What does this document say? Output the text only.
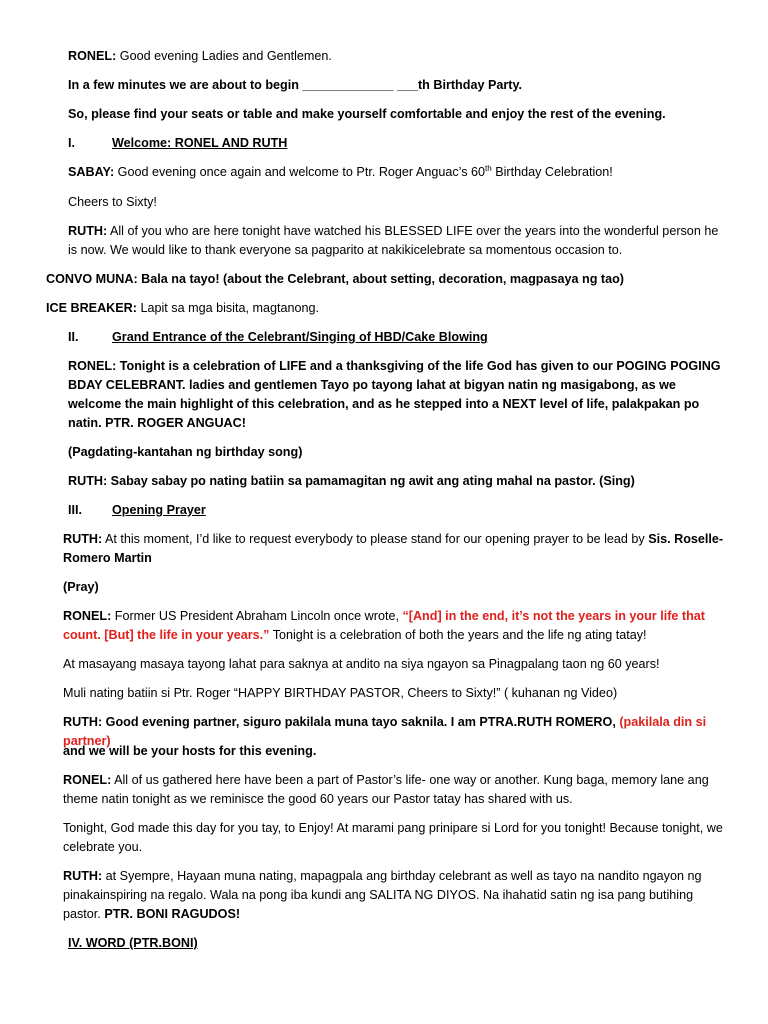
RONEL: Good evening Ladies and Gentlemen.

In a few minutes we are about to begin _____________ ___th Birthday Party.

So, please find your seats or table and make yourself comfortable and enjoy the rest of the evening.

I.	Welcome: RONEL AND RUTH

SABAY: Good evening once again and welcome to Ptr. Roger Anguac’s 60th Birthday Celebration!

Cheers to Sixty!

RUTH: All of you who are here tonight have watched his BLESSED LIFE over the years into the wonderful person he is now. We would like to thank everyone sa pagparito at nakikicelebrate sa momentous occasion to.

CONVO MUNA: Bala na tayo! (about the Celebrant, about setting, decoration, magpasaya ng tao)

ICE BREAKER: Lapit sa mga bisita, magtanong.

II.	Grand Entrance of the Celebrant/Singing of HBD/Cake Blowing

RONEL: Tonight is a celebration of LIFE and a thanksgiving of the life God has given to our POGING POGING BDAY CELEBRANT. ladies and gentlemen Tayo po tayong lahat at bigyan natin ng masigabong, as we welcome the main highlight of this celebration, and as he stepped into a NEXT level of life, palakpakan po natin. PTR. ROGER ANGUAC!

(Pagdating-kantahan ng birthday song)

RUTH: Sabay sabay po nating batiin sa pamamagitan ng awit ang ating mahal na pastor. (Sing)

III. Opening Prayer

RUTH: At this moment, I’d like to request everybody to please stand for our opening prayer to be lead by Sis. Roselle-Romero Martin

(Pray)

RONEL: Former US President Abraham Lincoln once wrote, “[And] in the end, it’s not the years in your life that count. [But] the life in your years.” Tonight is a celebration of both the years and the life ng ating tatay!

At masayang masaya tayong lahat para saknya at andito na siya ngayon sa Pinagpalang taon ng 60 years!

Muli nating batiin si Ptr. Roger “HAPPY BIRTHDAY PASTOR, Cheers to Sixty!” ( kuhanan ng Video)

RUTH: Good evening partner, siguro pakilala muna tayo saknila. I am PTRA.RUTH ROMERO, (pakilala din si partner)

and we will be your hosts for this evening.

RONEL: All of us gathered here have been a part of Pastor’s life- one way or another. Kung baga, memory lane ang theme natin tonight as we reminisce the good 60 years our Pastor tatay has shared with us.

Tonight, God made this day for you tay, to Enjoy! At marami pang prinipare si Lord for you tonight! Because tonight, we celebrate you.

RUTH: at Syempre, Hayaan muna nating, mapagpala ang birthday celebrant as well as tayo na nandito ngayon ng pinakainspiring na regalo. Wala na pong iba kundi ang SALITA NG DIYOS. Na ihahatid satin ng isa pang butihing pastor. PTR. BONI RAGUDOS!

IV. WORD (PTR.BONI)
